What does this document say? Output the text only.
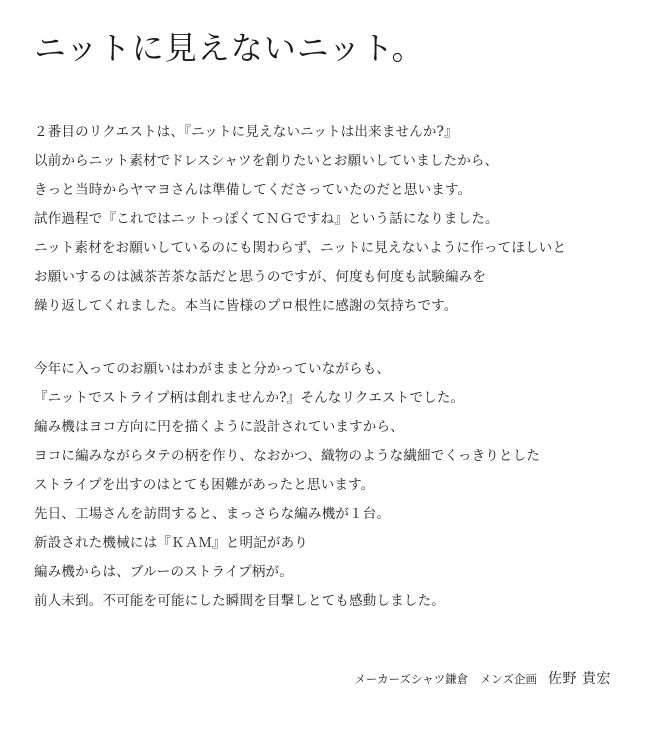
ニットに見えないニット。
２番目のリクエストは、『ニットに見えないニットは出来ませんか?』
以前からニット素材でドレスシャツを創りたいとお願いしていましたから、
きっと当時からヤマヨさんは準備してくださっていたのだと思います。
試作過程で『これではニットっぽくてＮＧですね』という話になりました。
ニット素材をお願いしているのにも関わらず、ニットに見えないように作ってほしいと
お願いするのは滅茶苦茶な話だと思うのですが、何度も何度も試験編みを
繰り返してくれました。本当に皆様のプロ根性に感謝の気持ちです。
今年に入ってのお願いはわがままと分かっていながらも、
『ニットでストライプ柄は創れませんか?』そんなリクエストでした。
編み機はヨコ方向に円を描くように設計されていますから、
ヨコに編みながらタテの柄を作り、なおかつ、織物のような繊細でくっきりとした
ストライプを出すのはとても困難があったと思います。
先日、工場さんを訪問すると、まっさらな編み機が１台。
新設された機械には『ＫＡＭ』と明記があり
編み機からは、ブルーのストライプ柄が。
前人未到。不可能を可能にした瞬間を目撃しとても感動しました。
メーカーズシャツ鎌倉　メンズ企画 佐野 貴宏
